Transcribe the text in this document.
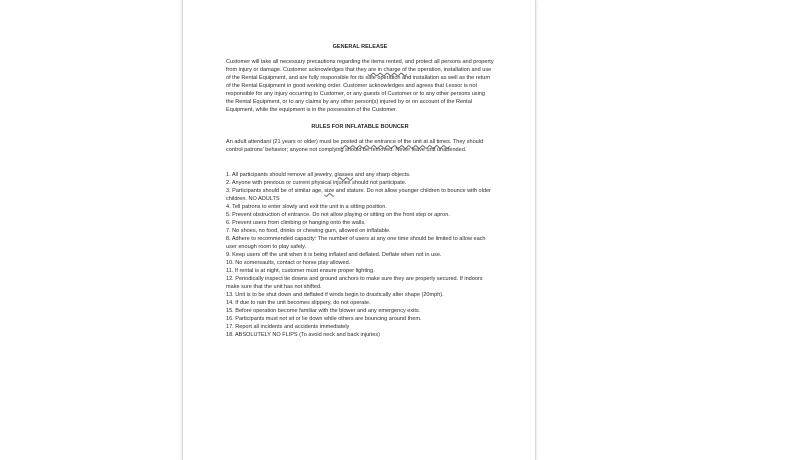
GENERAL RELEASE

Customer will take all necessary precautions regarding the items rented, and protect all persons and property from injury or damage. Customer acknowledges that they are in charge of the operation, installation and use of the Rental Equipment, and are fully responsible for its safe operation and installation as well as the return of the Rental Equipment in good working order. Customer acknowledges and agrees that Lessor is not responsible for any injury occurring to Customer, or any guests of Customer or to any other persons using the Rental Equipment, or to any claims by any other person(s) injured by or on account of the Rental Equipment, while the equipment is in the possession of the Customer.

RULES FOR INFLATABLE BOUNCER

An adult attendant (21 years or older) must be posted at the entrance of the unit at all times. They should control patrons' behavior; anyone not complying should be removed. Never leave unit unattended.

1. All participants should remove all jewelry, glasses and any sharp objects.
2. Anyone with previous or current physical injuries should not participate.
3. Participants should be of similar age, size and stature. Do not allow younger children to bounce with older children. NO ADULTS
4. Tell patrons to enter slowly and exit the unit in a sitting position.
5. Prevent obstruction of entrance. Do not allow playing or sitting on the front step or apron.
6. Prevent users from climbing or hanging onto the walls.
7. No shoes, no food, drinks or chewing gum, allowed on inflatable.
8. Adhere to recommended capacity: The number of users at any one time should be limited to allow each user enough room to play safely.
9. Keep users off the unit when it is being inflated and deflated. Deflate when not in use.
10. No somersaults, contact or horse play allowed.
11. If rental is at night, customer must ensure proper lighting.
12. Periodically inspect tie downs and ground anchors to make sure they are properly secured. If indoors make sure that the unit has not shifted.
13. Unit is to be shut down and deflated if winds begin to drastically alter shape (20mph).
14. If due to rain the unit becomes slippery, do not operate.
15. Before operation become familiar with the blower and any emergency exits.
16. Participants must not sit or lie down while others are bouncing around them.
17. Report all incidents and accidents immediately
18. ABSOLUTELY NO FLIPS (To avoid neck and back injuries)
